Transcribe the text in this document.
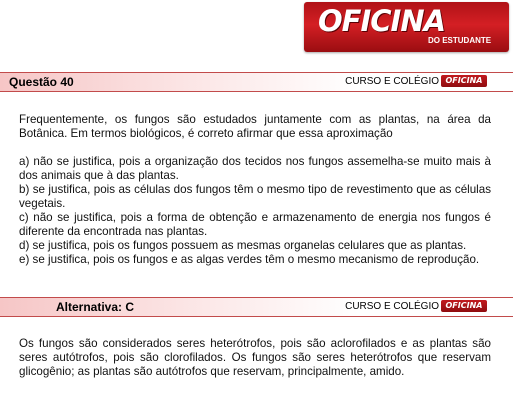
OFICINA
DO ESTUDANTE
Questão 40	CURSO E COLÉGIO OFICINA

Frequentemente, os fungos são estudados juntamente com as plantas, na área da Botânica. Em termos biológicos, é correto afirmar que essa aproximação

a) não se justifica, pois a organização dos tecidos nos fungos assemelha-se muito mais à dos animais que à das plantas.

b) se justifica, pois as células dos fungos têm o mesmo tipo de revestimento que as células vegetais.

c) não se justifica, pois a forma de obtenção e armazenamento de energia nos fungos é diferente da encontrada nas plantas.

d) se justifica, pois os fungos possuem as mesmas organelas celulares que as plantas.

e) se justifica, pois os fungos e as algas verdes têm o mesmo mecanismo de reprodução.

Alternativa: C	CURSO E COLÉGIO OFICINA

Os fungos são considerados seres heterótrofos, pois são aclorofilados e as plantas são seres autótrofos, pois são clorofilados. Os fungos são seres heterótrofos que reservam glicogênio; as plantas são autótrofos que reservam, principalmente, amido.
